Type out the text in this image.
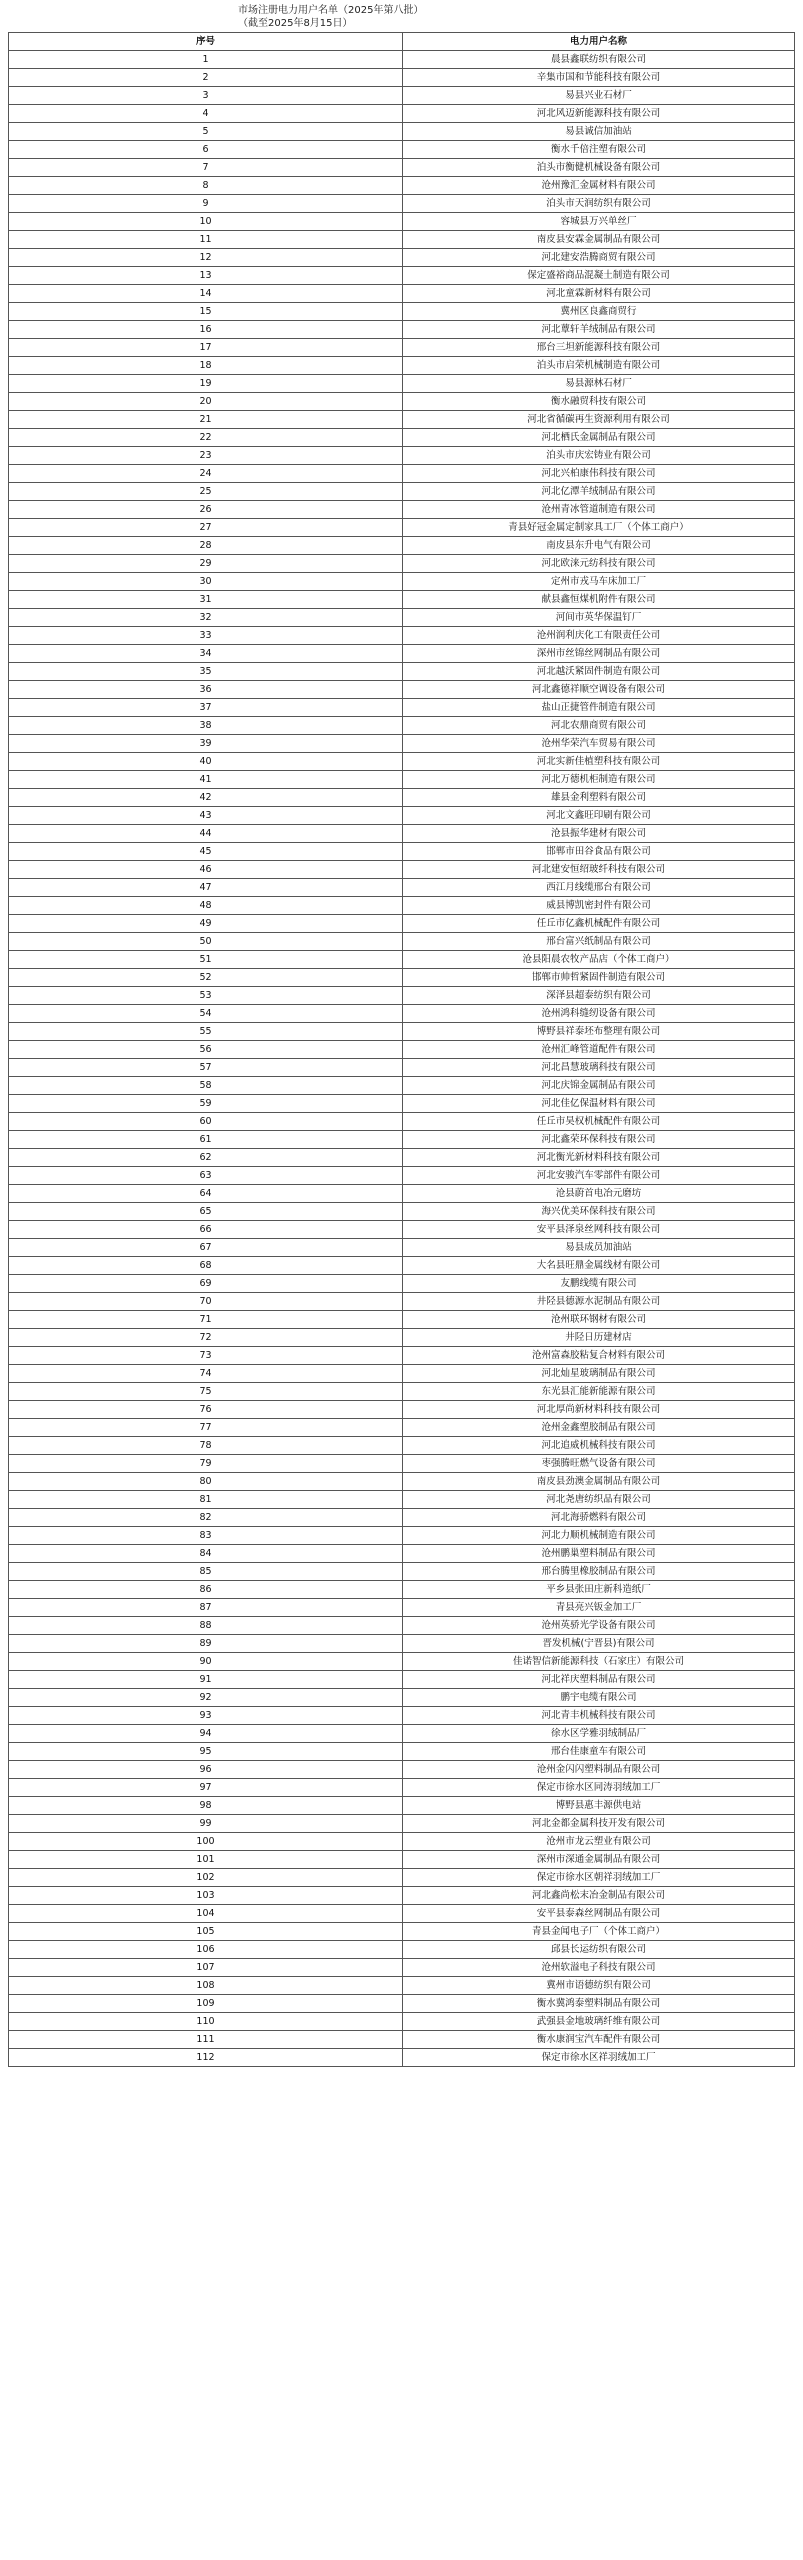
市场注册电力用户名单（2025年第八批）
（截至2025年8月15日）
序号	电力用户名称
1	晨县鑫联纺织有限公司
2	辛集市国和节能科技有限公司
3	易县兴业石材厂
4	河北风迈新能源科技有限公司
5	易县诚信加油站
6	衡水千倍注塑有限公司
7	泊头市衡健机械设备有限公司
8	沧州豫汇金属材料有限公司
9	泊头市天润纺织有限公司
10	容城县万兴单丝厂
11	南皮县安霖金属制品有限公司
12	河北建安浩腾商贸有限公司
13	保定盛裕商品混凝土制造有限公司
14	河北童霖新材料有限公司
15	冀州区良鑫商贸行
16	河北蕈轩羊绒制品有限公司
17	邢台三坦新能源科技有限公司
18	泊头市启荣机械制造有限公司
19	易县源林石材厂
20	衡水融贸科技有限公司
21	河北省循碳再生资源利用有限公司
22	河北栖氏金属制品有限公司
23	泊头市庆宏铸业有限公司
24	河北兴柏康伟科技有限公司
25	河北亿潭羊绒制品有限公司
26	沧州青冰管道制造有限公司
27	青县好冠金属定制家具工厂（个体工商户）
28	南皮县东升电气有限公司
29	河北欧涞元纺科技有限公司
30	定州市戎马车床加工厂
31	献县鑫恒煤机附件有限公司
32	河间市英华保温钉厂
33	沧州润利庆化工有限责任公司
34	深州市丝锦丝网制品有限公司
35	河北越沃紧固件制造有限公司
36	河北鑫德祥顺空调设备有限公司
37	盐山正捷管件制造有限公司
38	河北农鼎商贸有限公司
39	沧州华荣汽车贸易有限公司
40	河北实新佳植塑科技有限公司
41	河北万德机柜制造有限公司
42	雄县金利塑料有限公司
43	河北文鑫旺印刷有限公司
44	沧县振华建材有限公司
45	邯郸市田谷食品有限公司
46	河北建安恒绍玻纤科技有限公司
47	西江月线缆邢台有限公司
48	威县博凯密封件有限公司
49	任丘市亿鑫机械配件有限公司
50	邢台富兴纸制品有限公司
51	沧县阳晨农牧产品店（个体工商户）
52	邯郸市帅哲紧固件制造有限公司
53	深泽县超泰纺织有限公司
54	沧州鸿科缝纫设备有限公司
55	博野县祥泰坯布整理有限公司
56	沧州汇峰管道配件有限公司
57	河北昌慧玻璃科技有限公司
58	河北庆锦金属制品有限公司
59	河北佳亿保温材料有限公司
60	任丘市昊权机械配件有限公司
61	河北鑫荣环保科技有限公司
62	河北衡光新材料科技有限公司
63	河北安骏汽车零部件有限公司
64	沧县蔚首电冶元磨坊
65	海兴优美环保科技有限公司
66	安平县泽泉丝网科技有限公司
67	易县成员加油站
68	大名县旺鼎金属线材有限公司
69	友鹏线缆有限公司
70	井陉县德源水泥制品有限公司
71	沧州联环钢材有限公司
72	井陉日历建材店
73	沧州富森胶粘复合材料有限公司
74	河北灿星玻璃制品有限公司
75	东光县汇能新能源有限公司
76	河北厚尚新材料科技有限公司
77	沧州金鑫塑胶制品有限公司
78	河北追威机械科技有限公司
79	枣强腾旺燃气设备有限公司
80	南皮县劲澳金属制品有限公司
81	河北尧唐纺织品有限公司
82	河北海骄燃料有限公司
83	河北力顺机械制造有限公司
84	沧州鹏巢塑料制品有限公司
85	邢台腾里橡胶制品有限公司
86	平乡县张田庄新科造纸厂
87	青县亮兴钣金加工厂
88	沧州英骄光学设备有限公司
89	晋发机械(宁晋县)有限公司
90	佳诺智信新能源科技（石家庄）有限公司
91	河北祥庆塑料制品有限公司
92	鹏宇电缆有限公司
93	河北青丰机械科技有限公司
94	徐水区学雅羽绒制品厂
95	邢台佳康童车有限公司
96	沧州金闪闪塑料制品有限公司
97	保定市徐水区同涛羽绒加工厂
98	博野县惠丰源供电站
99	河北金都金属科技开发有限公司
100	沧州市龙云塑业有限公司
101	深州市深通金属制品有限公司
102	保定市徐水区朝祥羽绒加工厂
103	河北鑫尚松末冶金制品有限公司
104	安平县泰森丝网制品有限公司
105	青县金闻电子厂（个体工商户）
106	邱县长运纺织有限公司
107	沧州软溢电子科技有限公司
108	冀州市语德纺织有限公司
109	衡水冀鸿泰塑料制品有限公司
110	武强县金地玻璃纤维有限公司
111	衡水康润宝汽车配件有限公司
112	保定市徐水区祥羽绒加工厂
